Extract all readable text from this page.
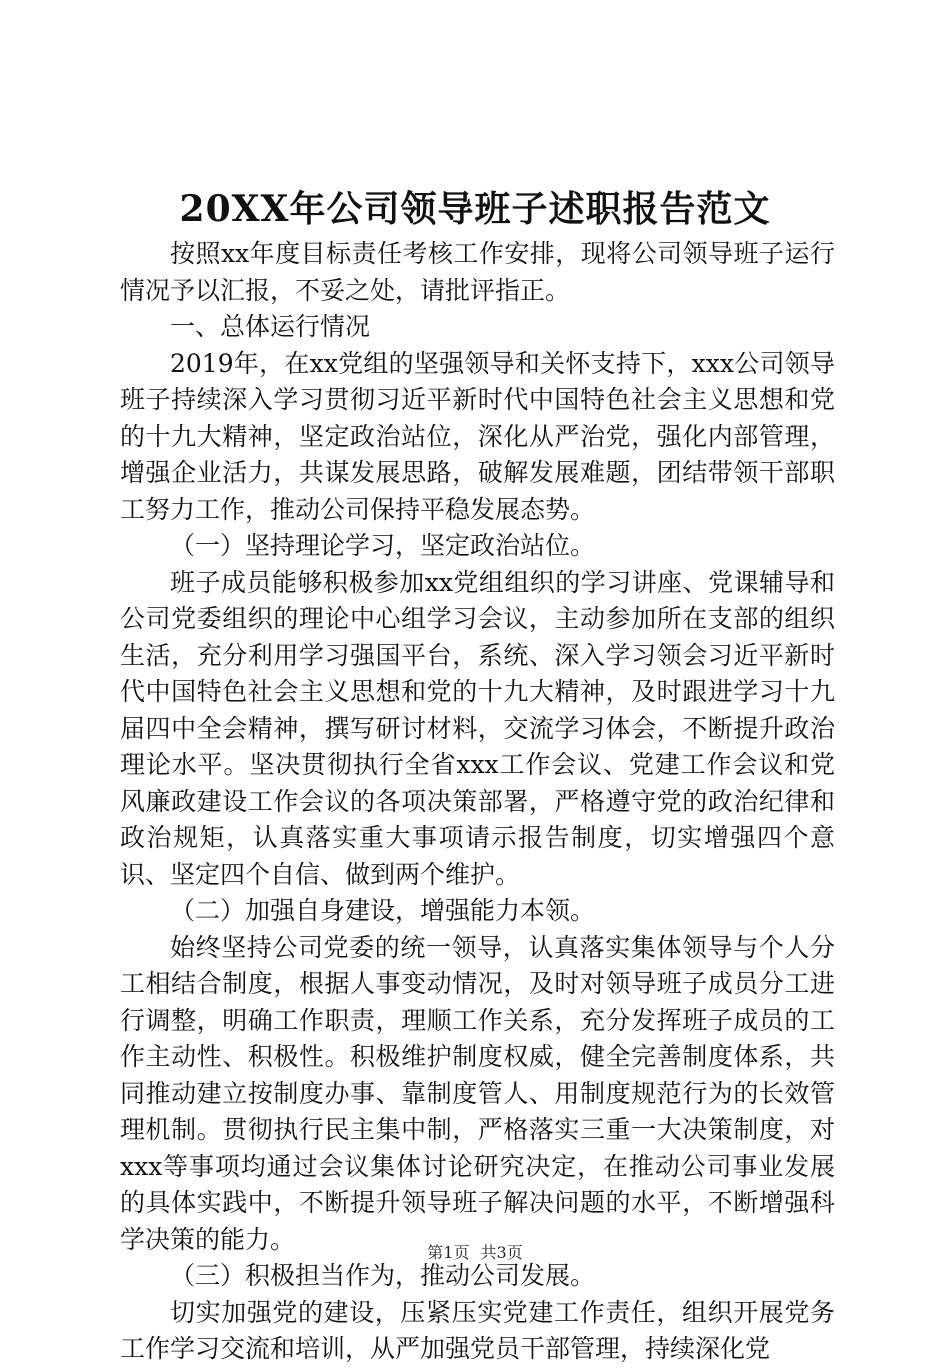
20XX年公司领导班子述职报告范文

按照xx年度目标责任考核工作安排，现将公司领导班子运行情况予以汇报，不妥之处，请批评指正。

一、总体运行情况

2019年，在xx党组的坚强领导和关怀支持下，xxx公司领导班子持续深入学习贯彻习近平新时代中国特色社会主义思想和党的十九大精神，坚定政治站位，深化从严治党，强化内部管理，增强企业活力，共谋发展思路，破解发展难题，团结带领干部职工努力工作，推动公司保持平稳发展态势。

（一）坚持理论学习，坚定政治站位。

班子成员能够积极参加xx党组组织的学习讲座、党课辅导和公司党委组织的理论中心组学习会议，主动参加所在支部的组织生活，充分利用学习强国平台，系统、深入学习领会习近平新时代中国特色社会主义思想和党的十九大精神，及时跟进学习十九届四中全会精神，撰写研讨材料，交流学习体会，不断提升政治理论水平。坚决贯彻执行全省xxx工作会议、党建工作会议和党风廉政建设工作会议的各项决策部署，严格遵守党的政治纪律和政治规矩，认真落实重大事项请示报告制度，切实增强四个意识、坚定四个自信、做到两个维护。

（二）加强自身建设，增强能力本领。

始终坚持公司党委的统一领导，认真落实集体领导与个人分工相结合制度，根据人事变动情况，及时对领导班子成员分工进行调整，明确工作职责，理顺工作关系，充分发挥班子成员的工作主动性、积极性。积极维护制度权威，健全完善制度体系，共同推动建立按制度办事、靠制度管人、用制度规范行为的长效管理机制。贯彻执行民主集中制，严格落实三重一大决策制度，对xxx等事项均通过会议集体讨论研究决定，在推动公司事业发展的具体实践中，不断提升领导班子解决问题的水平，不断增强科学决策的能力。

（三）积极担当作为，推动公司发展。

切实加强党的建设，压紧压实党建工作责任，组织开展党务工作学习交流和培训，从严加强党员干部管理，持续深化党

第1页 共3页
